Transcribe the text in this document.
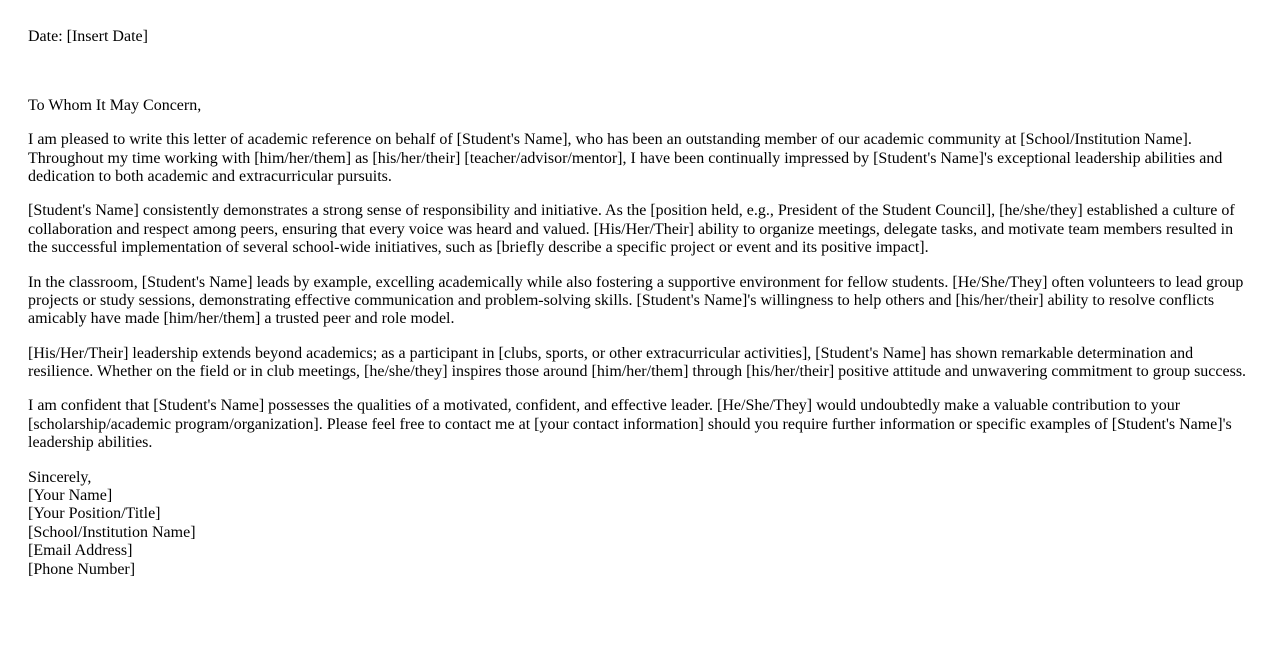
Date: [Insert Date]

To Whom It May Concern,

I am pleased to write this letter of academic reference on behalf of [Student's Name], who has been an outstanding member of our academic community at [School/Institution Name]. Throughout my time working with [him/her/them] as [his/her/their] [teacher/advisor/mentor], I have been continually impressed by [Student's Name]'s exceptional leadership abilities and dedication to both academic and extracurricular pursuits.

[Student's Name] consistently demonstrates a strong sense of responsibility and initiative. As the [position held, e.g., President of the Student Council], [he/she/they] established a culture of collaboration and respect among peers, ensuring that every voice was heard and valued. [His/Her/Their] ability to organize meetings, delegate tasks, and motivate team members resulted in the successful implementation of several school-wide initiatives, such as [briefly describe a specific project or event and its positive impact].

In the classroom, [Student's Name] leads by example, excelling academically while also fostering a supportive environment for fellow students. [He/She/They] often volunteers to lead group projects or study sessions, demonstrating effective communication and problem-solving skills. [Student's Name]'s willingness to help others and [his/her/their] ability to resolve conflicts amicably have made [him/her/them] a trusted peer and role model.

[His/Her/Their] leadership extends beyond academics; as a participant in [clubs, sports, or other extracurricular activities], [Student's Name] has shown remarkable determination and resilience. Whether on the field or in club meetings, [he/she/they] inspires those around [him/her/them] through [his/her/their] positive attitude and unwavering commitment to group success.

I am confident that [Student's Name] possesses the qualities of a motivated, confident, and effective leader. [He/She/They] would undoubtedly make a valuable contribution to your [scholarship/academic program/organization]. Please feel free to contact me at [your contact information] should you require further information or specific examples of [Student's Name]'s leadership abilities.

Sincerely,
[Your Name]
[Your Position/Title]
[School/Institution Name]
[Email Address]
[Phone Number]
